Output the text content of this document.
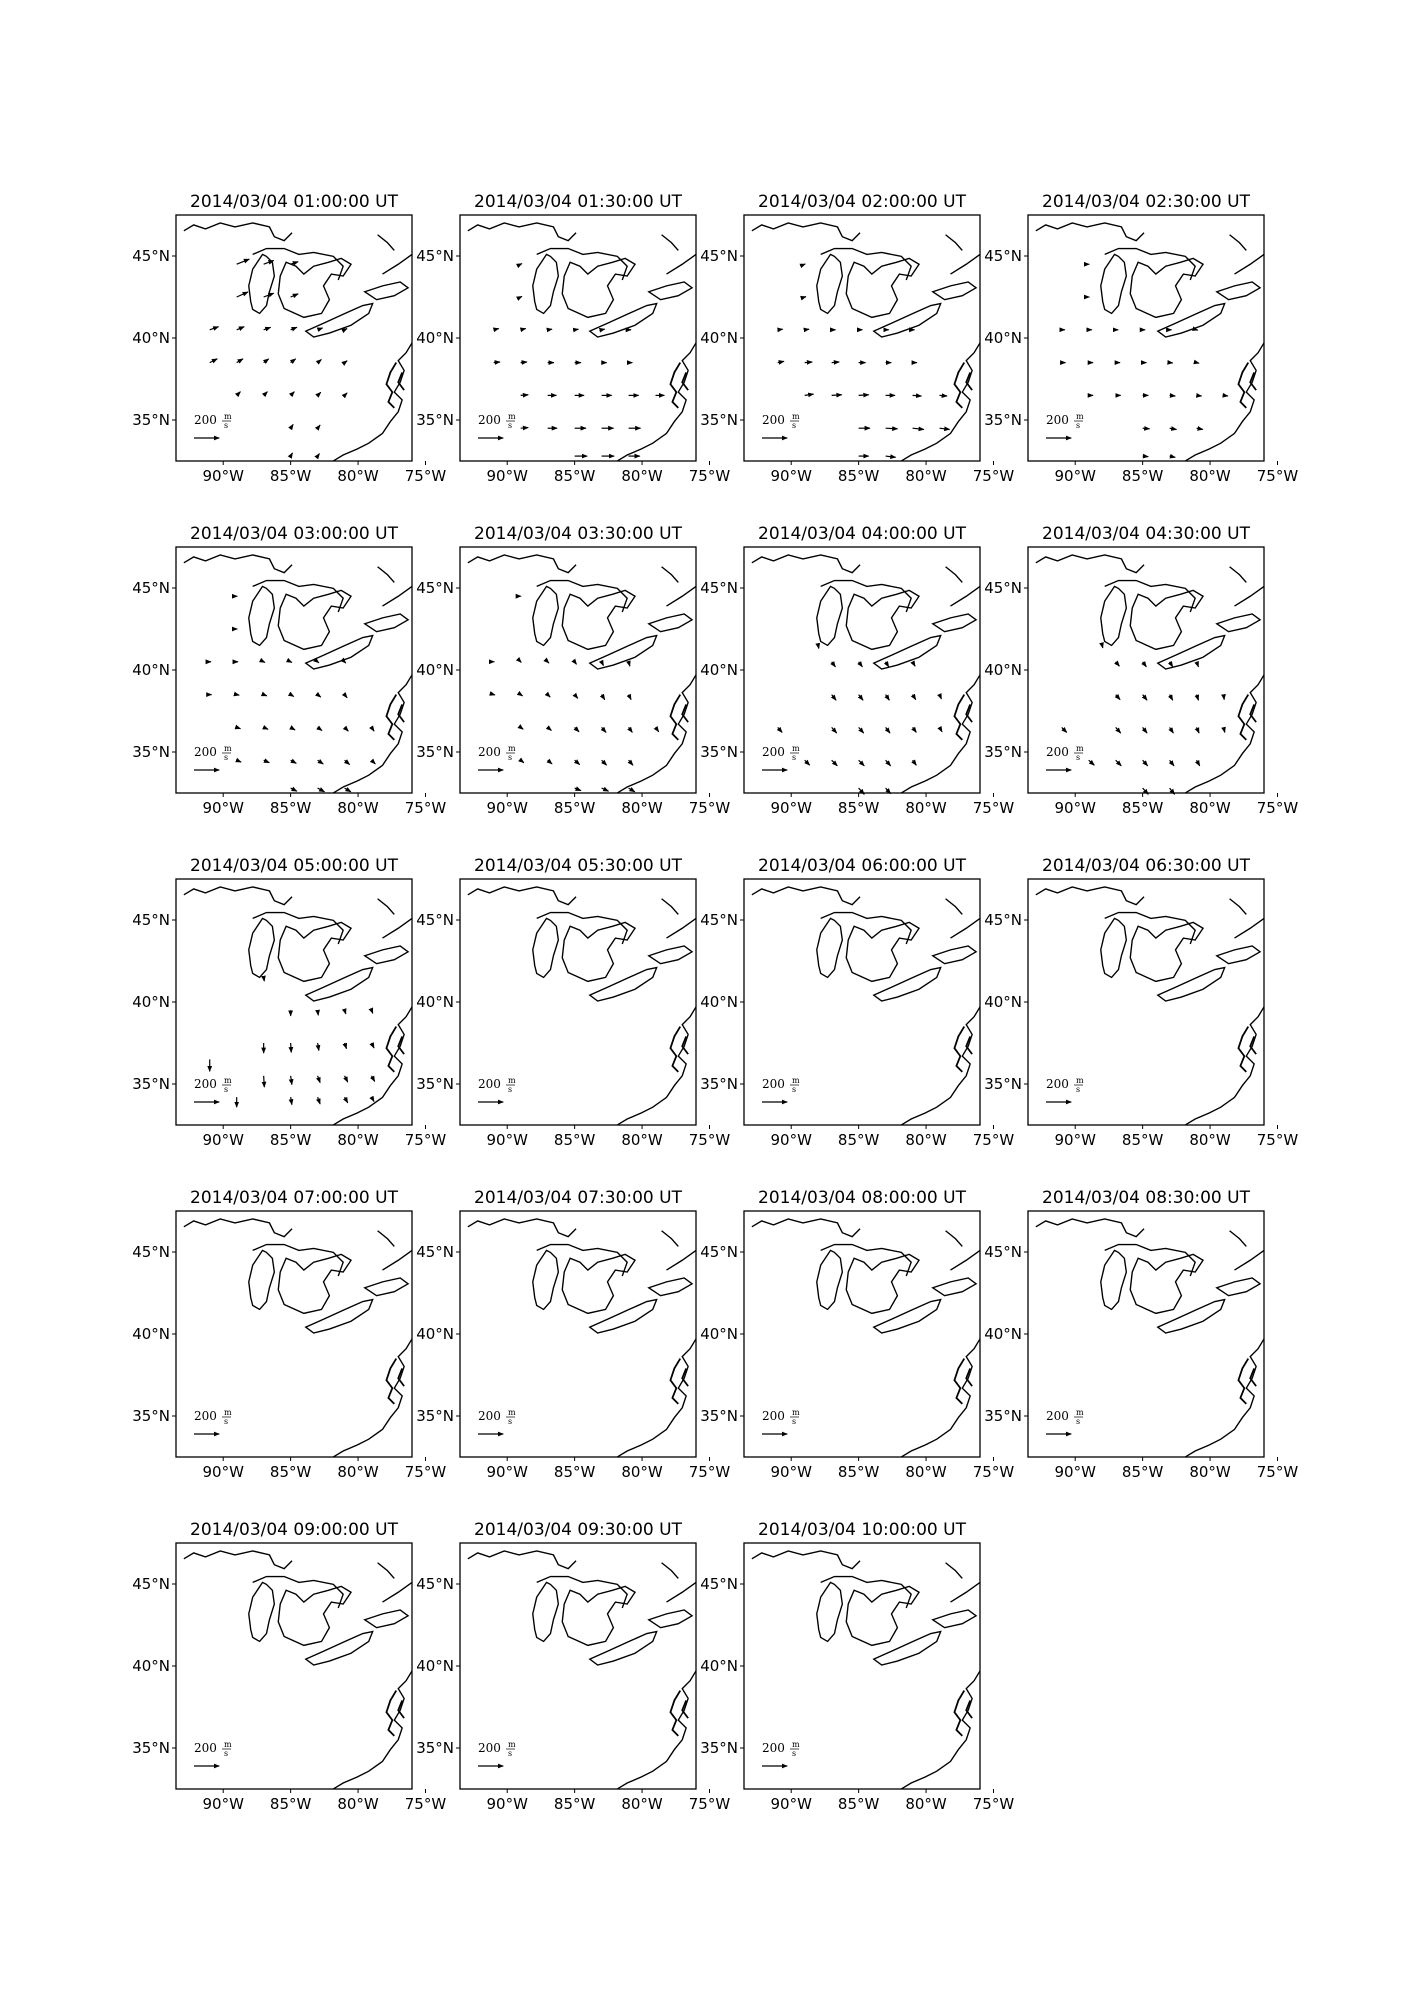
2014/03/04 01:00:00 UT
90°W 85°W 80°W 75°W
45°N
40°N
35°N 200 m
s
2014/03/04 01:30:00 UT
90°W 85°W 80°W 75°W
45°N
40°N
35°N 200 m
s
2014/03/04 02:00:00 UT
90°W 85°W 80°W 75°W
45°N
40°N
35°N 200 m
s
2014/03/04 02:30:00 UT
90°W 85°W 80°W 75°W
45°N
40°N
35°N 200 m
s
2014/03/04 03:00:00 UT
90°W 85°W 80°W 75°W
45°N
40°N
35°N 200 m
s
2014/03/04 03:30:00 UT
90°W 85°W 80°W 75°W
45°N
40°N
35°N 200 m
s
2014/03/04 04:00:00 UT
90°W 85°W 80°W 75°W
45°N
40°N
35°N 200 m
s
2014/03/04 04:30:00 UT
90°W 85°W 80°W 75°W
45°N
40°N
35°N 200 m
s
2014/03/04 05:00:00 UT
90°W 85°W 80°W 75°W
45°N
40°N
35°N 200 m
s
2014/03/04 05:30:00 UT
90°W 85°W 80°W 75°W
45°N
40°N
35°N 200 m
s
2014/03/04 06:00:00 UT
90°W 85°W 80°W 75°W
45°N
40°N
35°N 200 m
s
2014/03/04 06:30:00 UT
90°W 85°W 80°W 75°W
45°N
40°N
35°N 200 m
s
2014/03/04 07:00:00 UT
90°W 85°W 80°W 75°W
45°N
40°N
35°N 200 m
s
2014/03/04 07:30:00 UT
90°W 85°W 80°W 75°W
45°N
40°N
35°N 200 m
s
2014/03/04 08:00:00 UT
90°W 85°W 80°W 75°W
45°N
40°N
35°N 200 m
s
2014/03/04 08:30:00 UT
90°W 85°W 80°W 75°W
45°N
40°N
35°N 200 m
s
2014/03/04 09:00:00 UT
90°W 85°W 80°W 75°W
45°N
40°N
35°N 200 m
s
2014/03/04 09:30:00 UT
90°W 85°W 80°W 75°W
45°N
40°N
35°N 200 m
s
2014/03/04 10:00:00 UT
90°W 85°W 80°W 75°W
45°N
40°N
35°N 200 m
s
